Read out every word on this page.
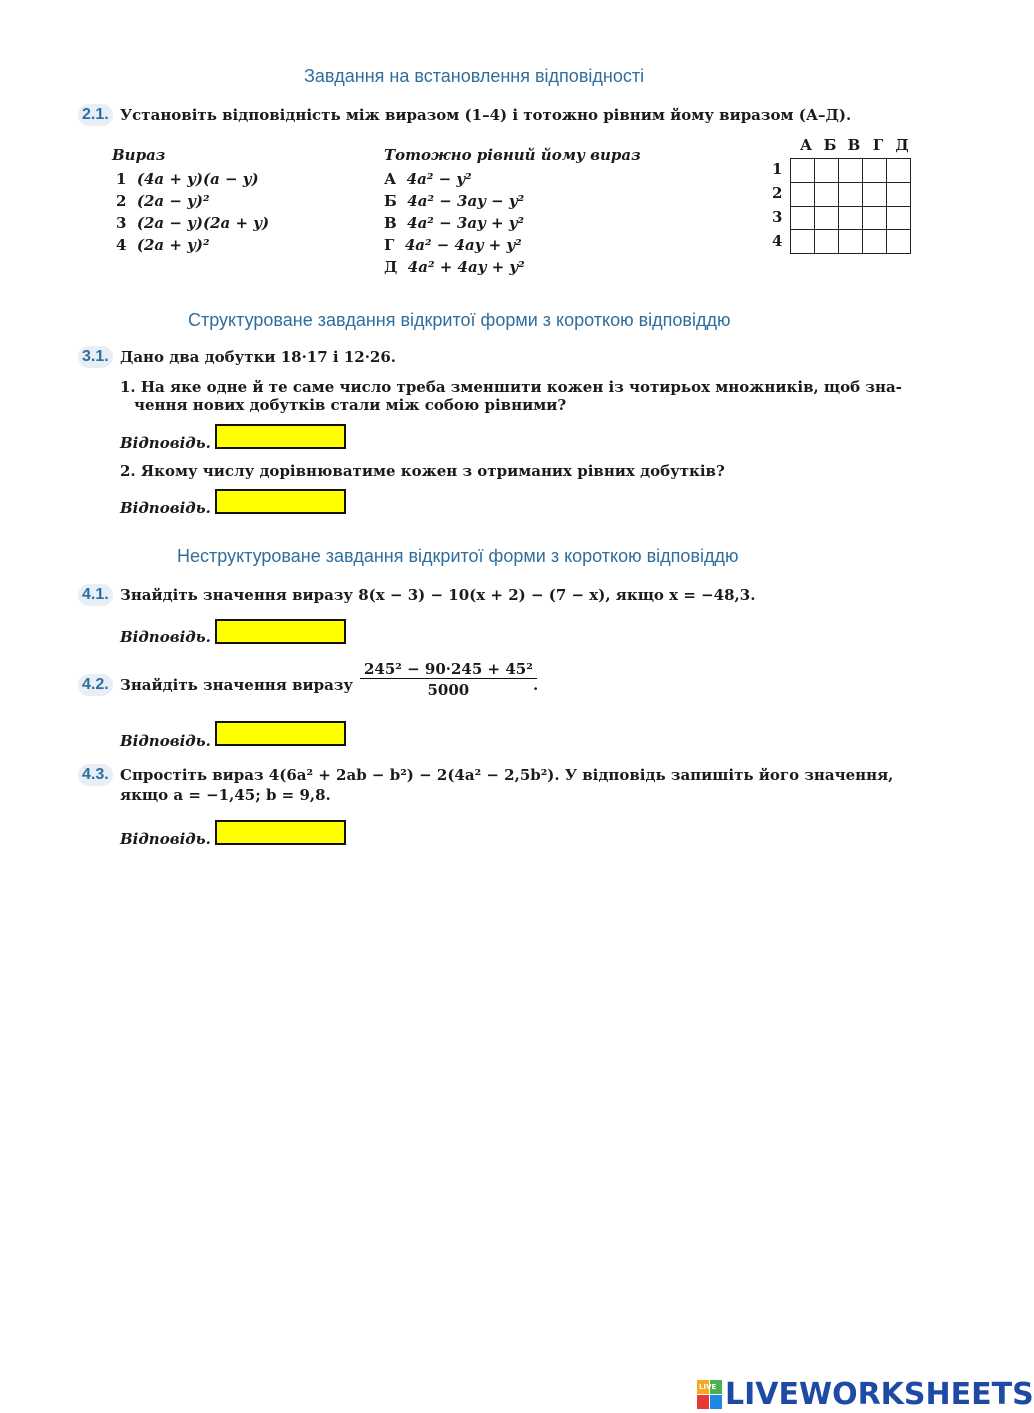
Завдання на встановлення відповідності
2.1. Установіть відповідність між виразом (1–4) і тотожно рівним йому виразом (А–Д).
Вираз	Тотожно рівний йому вираз
1 (4a + y)(a − y)
2 (2a − y)²
3 (2a − y)(2a + y)
4 (2a + y)²
А 4a² − y²
Б 4a² − 3ay − y²
В 4a² − 3ay + y²
Г 4a² − 4ay + y²
Д 4a² + 4ay + y²
А Б В Г Д
1
2
3
4

Структуроване завдання відкритої форми з короткою відповіддю
3.1. Дано два добутки 18·17 і 12·26.
1. На яке одне й те саме число треба зменшити кожен із чотирьох множників, щоб зна-
чення нових добутків стали між собою рівними?
Відповідь.
2. Якому числу дорівнюватиме кожен з отриманих рівних добутків?
Відповідь.
Неструктуроване завдання відкритої форми з короткою відповіддю
4.1. Знайдіть значення виразу 8(x − 3) − 10(x + 2) − (7 − x), якщо x = −48,3.
Відповідь.
4.2. Знайдіть значення виразу $\frac{\text{245² − 90·245 + 45²}}{5000}$
.
Відповідь.
4.3. Спростіть вираз 4(6a² + 2ab − b²) − 2(4a² − 2,5b²). У відповідь запишіть його значення,
якщо a = −1,45; b = 9,8.
Відповідь.
LIVE LIVEWORKSHEETS
